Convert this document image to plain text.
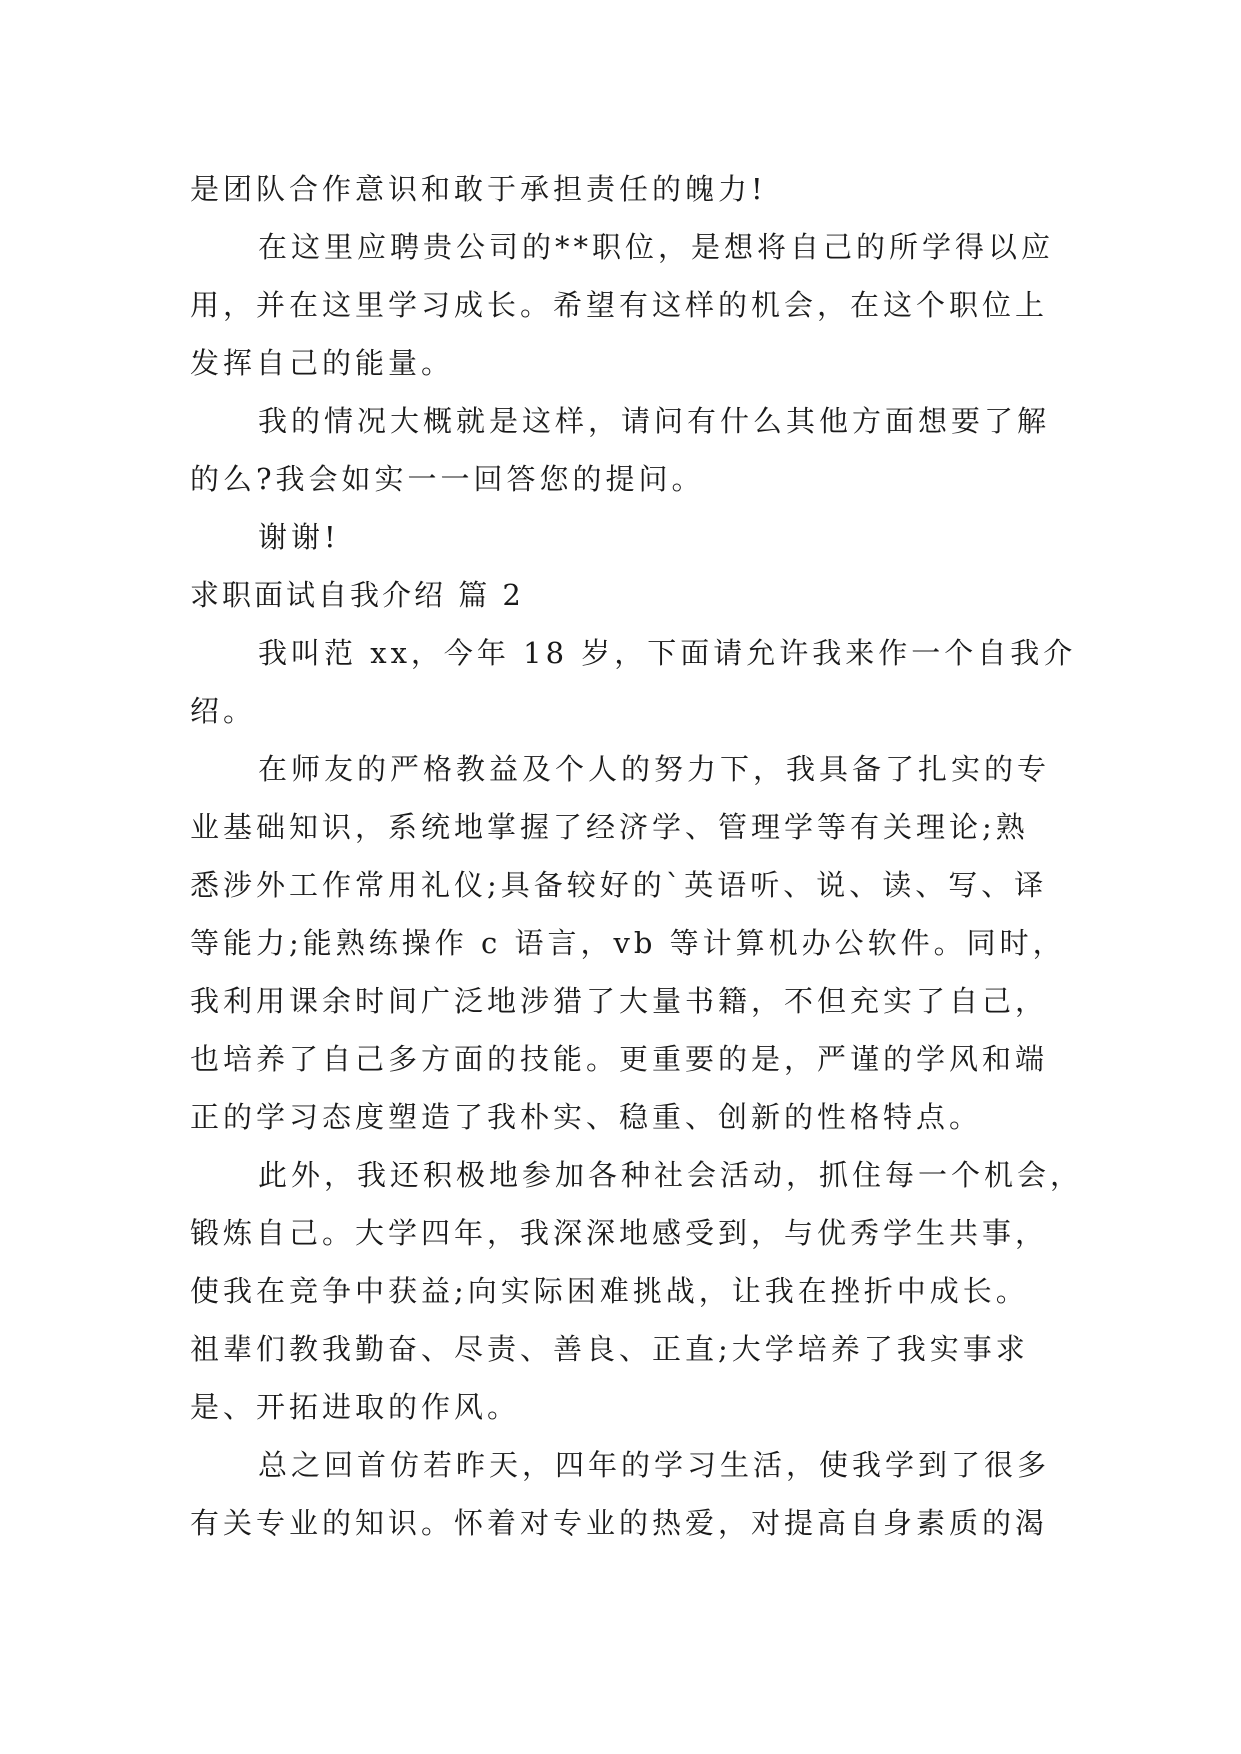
是团队合作意识和敢于承担责任的魄力!
在这里应聘贵公司的**职位，是想将自己的所学得以应
用，并在这里学习成长。希望有这样的机会，在这个职位上
发挥自己的能量。
我的情况大概就是这样，请问有什么其他方面想要了解
的么?我会如实一一回答您的提问。
谢谢!
求职面试自我介绍 篇 2
我叫范 xx，今年 18 岁，下面请允许我来作一个自我介
绍。
在师友的严格教益及个人的努力下，我具备了扎实的专
业基础知识，系统地掌握了经济学、管理学等有关理论;熟
悉涉外工作常用礼仪;具备较好的`英语听、说、读、写、译
等能力;能熟练操作 c 语言，vb 等计算机办公软件。同时，
我利用课余时间广泛地涉猎了大量书籍，不但充实了自己，
也培养了自己多方面的技能。更重要的是，严谨的学风和端
正的学习态度塑造了我朴实、稳重、创新的性格特点。
此外，我还积极地参加各种社会活动，抓住每一个机会，
锻炼自己。大学四年，我深深地感受到，与优秀学生共事，
使我在竞争中获益;向实际困难挑战，让我在挫折中成长。
祖辈们教我勤奋、尽责、善良、正直;大学培养了我实事求
是、开拓进取的作风。
总之回首仿若昨天，四年的学习生活，使我学到了很多
有关专业的知识。怀着对专业的热爱，对提高自身素质的渴
